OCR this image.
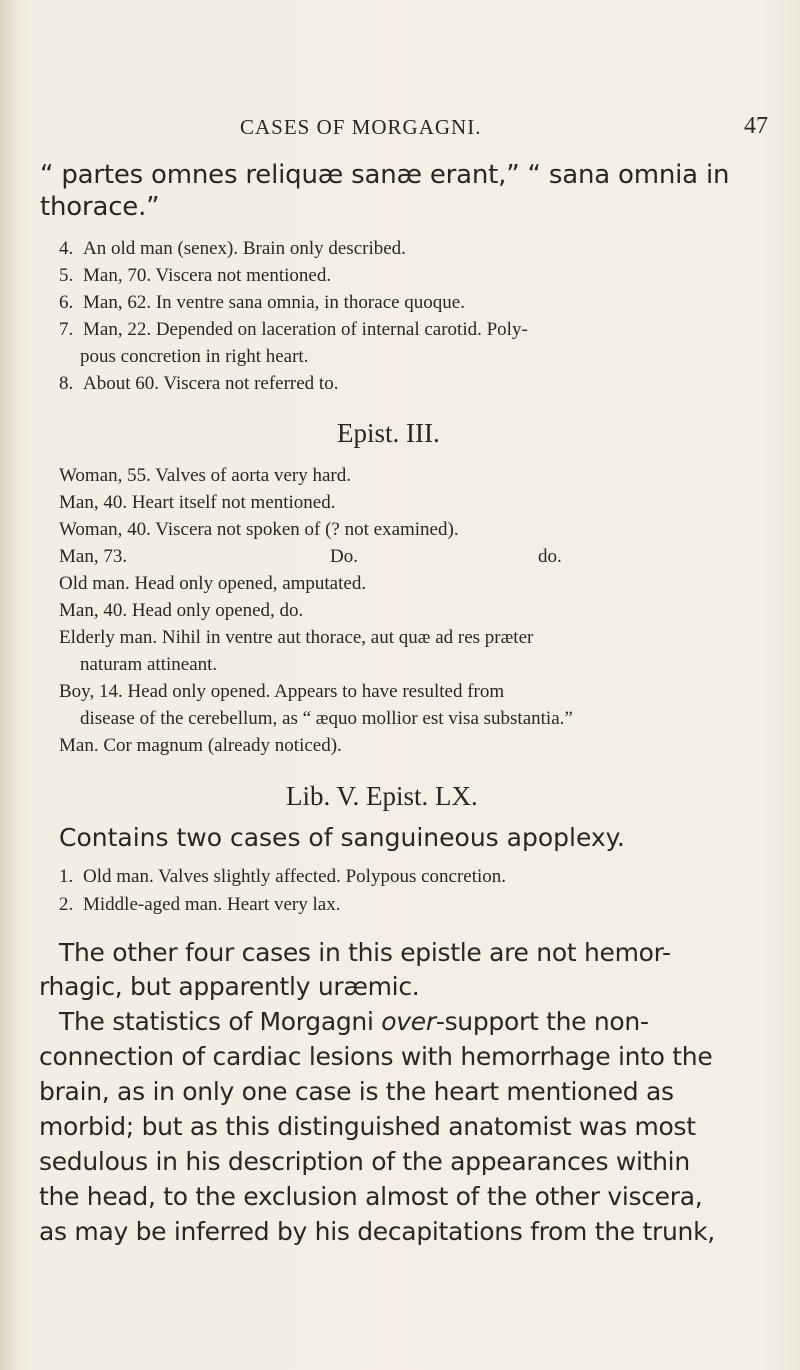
CASES OF MORGAGNI.	47
“ partes omnes reliquæ sanæ erant,” “ sana omnia in
thorace.”
4. An old man (senex). Brain only described.
5. Man, 70. Viscera not mentioned.
6. Man, 62. In ventre sana omnia, in thorace quoque.
7. Man, 22. Depended on laceration of internal carotid. Poly-
pous concretion in right heart.
8. About 60. Viscera not referred to.
Epist. III.
Woman, 55. Valves of aorta very hard.
Man, 40. Heart itself not mentioned.
Woman, 40. Viscera not spoken of (? not examined).
Man, 73.	Do.	do.
Old man. Head only opened, amputated.
Man, 40. Head only opened, do.
Elderly man. Nihil in ventre aut thorace, aut quæ ad res præter
naturam attineant.
Boy, 14. Head only opened. Appears to have resulted from
disease of the cerebellum, as “ æquo mollior est visa substantia.”
Man. Cor magnum (already noticed).
Lib. V. Epist. LX.
Contains two cases of sanguineous apoplexy.
1. Old man. Valves slightly affected. Polypous concretion.
2. Middle-aged man. Heart very lax.
The other four cases in this epistle are not hemor-
rhagic, but apparently uræmic.
The statistics of Morgagni over-support the non-
connection of cardiac lesions with hemorrhage into the
brain, as in only one case is the heart mentioned as
morbid; but as this distinguished anatomist was most
sedulous in his description of the appearances within
the head, to the exclusion almost of the other viscera,
as may be inferred by his decapitations from the trunk,
